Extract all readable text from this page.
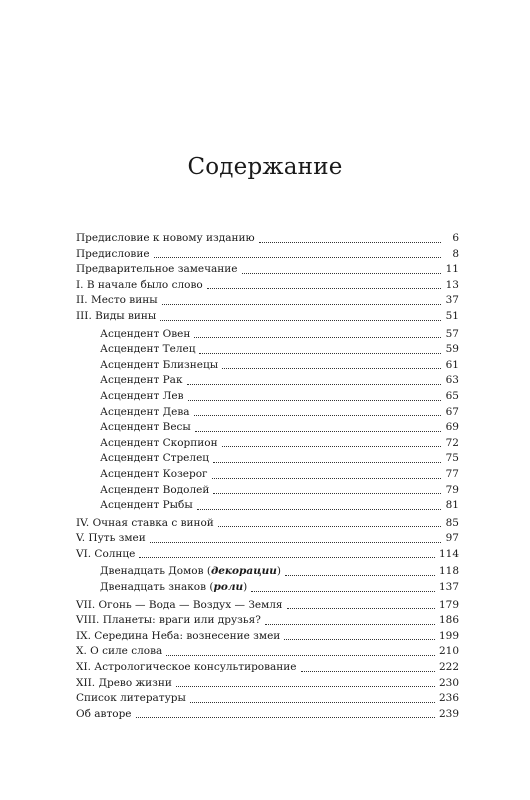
Содержание
Предисловие к новому изданию	6
Предисловие	8
Предварительное замечание	11
I. В начале было слово	13
II. Место вины	37
III. Виды вины	51
Асцендент Овен	57
Асцендент Телец	59
Асцендент Близнецы	61
Асцендент Рак	63
Асцендент Лев	65
Асцендент Дева	67
Асцендент Весы	69
Асцендент Скорпион	72
Асцендент Стрелец	75
Асцендент Козерог	77
Асцендент Водолей	79
Асцендент Рыбы	81
IV. Очная ставка с виной	85
V. Путь змеи	97
VI. Солнце	114
Двенадцать Домов (декорации)	118
Двенадцать знаков (роли)	137
VII. Огонь — Вода — Воздух — Земля	179
VIII. Планеты: враги или друзья?	186
IX. Середина Неба: вознесение змеи	199
X. О силе слова	210
XI. Астрологическое консультирование	222
XII. Древо жизни	230
Список литературы	236
Об авторе	239
